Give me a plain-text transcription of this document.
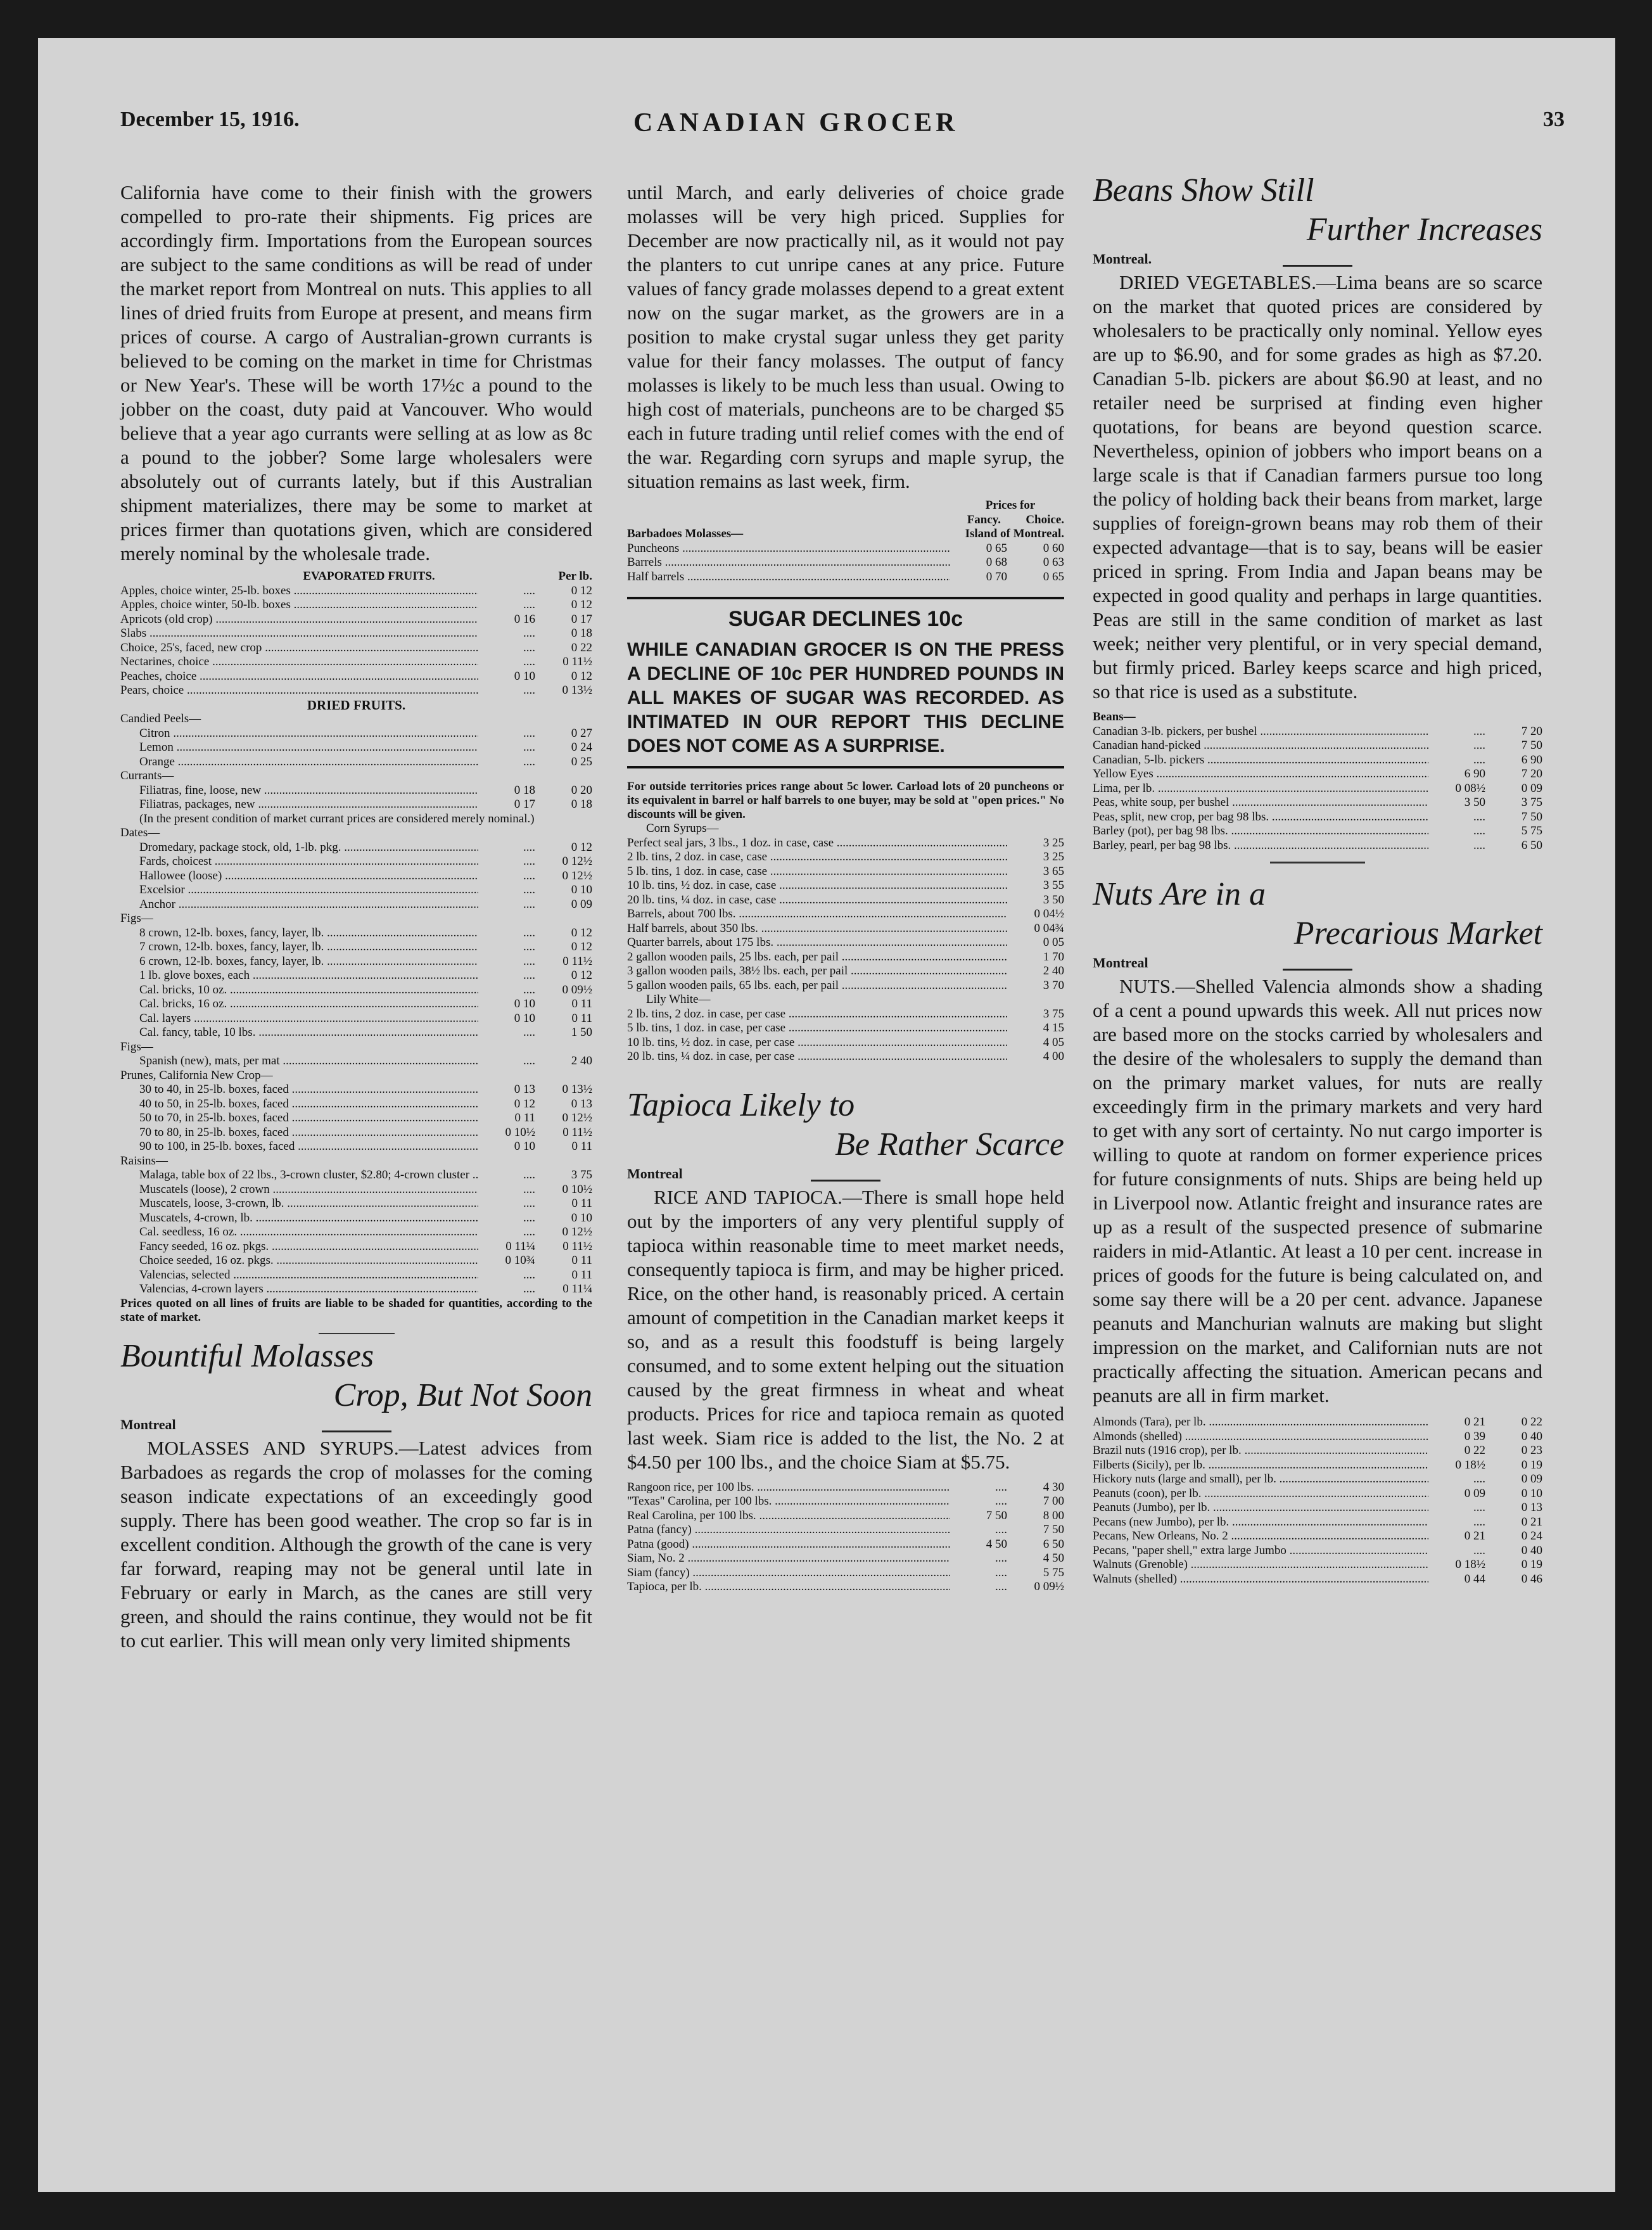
December 15, 1916.	CANADIAN GROCER	33

California have come to their finish with the growers compelled to pro-rate their shipments. Fig prices are accordingly firm. Importations from the European sources are subject to the same conditions as will be read of under the market report from Montreal on nuts. This applies to all lines of dried fruits from Europe at present, and means firm prices of course. A cargo of Australian-grown currants is believed to be coming on the market in time for Christmas or New Year's. These will be worth 17½c a pound to the jobber on the coast, duty paid at Vancouver. Who would believe that a year ago currants were selling at as low as 8c a pound to the jobber? Some large wholesalers were absolutely out of currants lately, but if this Australian shipment materializes, there may be some to market at prices firmer than quotations given, which are considered merely nominal by the wholesale trade.

EVAPORATED FRUITS.	Per lb.
Apples, choice winter, 25-lb. boxes .....	....	0 12
Apples, choice winter, 50-lb. boxes .....	....	0 12
Apricots (old crop) .....	0 16	0 17
Slabs .....	....	0 18
Choice, 25's, faced, new crop .....	....	0 22
Nectarines, choice .....	....	0 11½
Peaches, choice .....	0 10	0 12
Pears, choice .....	....	0 13½
DRIED FRUITS.
Candied Peels—
Citron .....	....	0 27
Lemon .....	....	0 24
Orange .....	....	0 25
Currants—
Filiatras, fine, loose, new .....	0 18	0 20
Filiatras, packages, new .....	0 17	0 18
(In the present condition of market currant prices are considered merely nominal.)
Dates—
Dromedary, package stock, old, 1-lb. pkg. .....	....	0 12
Fards, choicest .....	....	0 12½
Hallowee (loose) .....	....	0 12½
Excelsior .....	....	0 10
Anchor .....	....	0 09
Figs—
8 crown, 12-lb. boxes, fancy, layer, lb. .....	....	0 12
7 crown, 12-lb. boxes, fancy, layer, lb. .....	....	0 12
6 crown, 12-lb. boxes, fancy, layer, lb. .....	....	0 11½
1 lb. glove boxes, each .....	....	0 12
Cal. bricks, 10 oz. .....	....	0 09½
Cal. bricks, 16 oz. .....	0 10	0 11
Cal. layers .....	0 10	0 11
Cal. fancy, table, 10 lbs. .....	....	1 50
Figs—
Spanish (new), mats, per mat .....	....	2 40
Prunes, California New Crop—
30 to 40, in 25-lb. boxes, faced .....	0 13	0 13½
40 to 50, in 25-lb. boxes, faced .....	0 12	0 13
50 to 70, in 25-lb. boxes, faced .....	0 11	0 12½
70 to 80, in 25-lb. boxes, faced .....	0 10½	0 11½
90 to 100, in 25-lb. boxes, faced .....	0 10	0 11
Raisins—
Malaga, table box of 22 lbs., 3-crown cluster, $2.80; 4-crown cluster .....	....	3 75
Muscatels (loose), 2 crown .....	....	0 10½
Muscatels, loose, 3-crown, lb. .....	....	0 11
Muscatels, 4-crown, lb. .....	....	0 10
Cal. seedless, 16 oz. .....	....	0 12½
Fancy seeded, 16 oz. pkgs. .....	0 11¼	0 11½
Choice seeded, 16 oz. pkgs. .....	0 10¾	0 11
Valencias, selected .....	....	0 11
Valencias, 4-crown layers .....	....	0 11¼
Prices quoted on all lines of fruits are liable to be shaded for quantities, according to the state of market.
Bountiful Molasses
Crop, But Not Soon
Montreal

MOLASSES AND SYRUPS.—Latest advices from Barbadoes as regards the crop of molasses for the coming season indicate expectations of an exceedingly good supply. There has been good weather. The crop so far is in excellent condition. Although the growth of the cane is very far forward, reaping may not be general until late in February or early in March, as the canes are still very green, and should the rains continue, they would not be fit to cut earlier. This will mean only very limited shipments

until March, and early deliveries of choice grade molasses will be very high priced. Supplies for December are now practically nil, as it would not pay the planters to cut unripe canes at any price. Future values of fancy grade molasses depend to a great extent now on the sugar market, as the growers are in a position to make crystal sugar unless they get parity value for their fancy molasses. The output of fancy molasses is likely to be much less than usual. Owing to high cost of materials, puncheons are to be charged $5 each in future trading until relief comes with the end of the war. Regarding corn syrups and maple syrup, the situation remains as last week, firm.

Prices for
Fancy.	Choice.
Barbadoes Molasses—	Island of Montreal.
Puncheons .....	0 65	0 60
Barrels .....	0 68	0 63
Half barrels .....	0 70	0 65
SUGAR DECLINES 10c
WHILE CANADIAN GROCER IS ON THE PRESS A DECLINE OF 10c PER HUNDRED POUNDS IN ALL MAKES OF SUGAR WAS RECORDED. AS INTIMATED IN OUR REPORT THIS DECLINE DOES NOT COME AS A SURPRISE.
For outside territories prices range about 5c lower. Carload lots of 20 puncheons or its equivalent in barrel or half barrels to one buyer, may be sold at "open prices." No discounts will be given.
Corn Syrups—
Perfect seal jars, 3 lbs., 1 doz. in case, case .....	3 25
2 lb. tins, 2 doz. in case, case .....	3 25
5 lb. tins, 1 doz. in case, case .....	3 65
10 lb. tins, ½ doz. in case, case .....	3 55
20 lb. tins, ¼ doz. in case, case .....	3 50
Barrels, about 700 lbs. .....	0 04½
Half barrels, about 350 lbs. .....	0 04¾
Quarter barrels, about 175 lbs. .....	0 05
2 gallon wooden pails, 25 lbs. each, per pail .....	1 70
3 gallon wooden pails, 38½ lbs. each, per pail .....	2 40
5 gallon wooden pails, 65 lbs. each, per pail .....	3 70
Lily White—
2 lb. tins, 2 doz. in case, per case .....	3 75
5 lb. tins, 1 doz. in case, per case .....	4 15
10 lb. tins, ½ doz. in case, per case .....	4 05
20 lb. tins, ¼ doz. in case, per case .....	4 00
Tapioca Likely to
Be Rather Scarce
Montreal

RICE AND TAPIOCA.—There is small hope held out by the importers of any very plentiful supply of tapioca within reasonable time to meet market needs, consequently tapioca is firm, and may be higher priced. Rice, on the other hand, is reasonably priced. A certain amount of competition in the Canadian market keeps it so, and as a result this foodstuff is being largely consumed, and to some extent helping out the situation caused by the great firmness in wheat and wheat products. Prices for rice and tapioca remain as quoted last week. Siam rice is added to the list, the No. 2 at $4.50 per 100 lbs., and the choice Siam at $5.75.

Rangoon rice, per 100 lbs. .....	....	4 30
"Texas" Carolina, per 100 lbs. .....	....	7 00
Real Carolina, per 100 lbs. .....	7 50	8 00
Patna (fancy) .....	....	7 50
Patna (good) .....	4 50	6 50
Siam, No. 2 .....	....	4 50
Siam (fancy) .....	....	5 75
Tapioca, per lb. .....	....	0 09½
Beans Show Still
Further Increases
Montreal.

DRIED VEGETABLES.—Lima beans are so scarce on the market that quoted prices are considered by wholesalers to be practically only nominal. Yellow eyes are up to $6.90, and for some grades as high as $7.20. Canadian 5-lb. pickers are about $6.90 at least, and no retailer need be surprised at finding even higher quotations, for beans are beyond question scarce. Nevertheless, opinion of jobbers who import beans on a large scale is that if Canadian farmers pursue too long the policy of holding back their beans from market, large supplies of foreign-grown beans may rob them of their expected advantage—that is to say, beans will be easier priced in spring. From India and Japan beans may be expected in good quality and perhaps in large quantities. Peas are still in the same condition of market as last week; neither very plentiful, or in very special demand, but firmly priced. Barley keeps scarce and high priced, so that rice is used as a substitute.

Beans—
Canadian 3-lb. pickers, per bushel .....	....	7 20
Canadian hand-picked .....	....	7 50
Canadian, 5-lb. pickers .....	....	6 90
Yellow Eyes .....	6 90	7 20
Lima, per lb. .....	0 08½	0 09
Peas, white soup, per bushel .....	3 50	3 75
Peas, split, new crop, per bag 98 lbs. .....	....	7 50
Barley (pot), per bag 98 lbs. .....	....	5 75
Barley, pearl, per bag 98 lbs. .....	....	6 50
Nuts Are in a
Precarious Market
Montreal

NUTS.—Shelled Valencia almonds show a shading of a cent a pound upwards this week. All nut prices now are based more on the stocks carried by wholesalers and the desire of the wholesalers to supply the demand than on the primary market values, for nuts are really exceedingly firm in the primary markets and very hard to get with any sort of certainty. No nut cargo importer is willing to quote at random on former experience prices for future consignments of nuts. Ships are being held up in Liverpool now. Atlantic freight and insurance rates are up as a result of the suspected presence of submarine raiders in mid-Atlantic. At least a 10 per cent. increase in prices of goods for the future is being calculated on, and some say there will be a 20 per cent. advance. Japanese peanuts and Manchurian walnuts are making but slight impression on the market, and Californian nuts are not practically affecting the situation. American pecans and peanuts are all in firm market.

Almonds (Tara), per lb. .....	0 21	0 22
Almonds (shelled) .....	0 39	0 40
Brazil nuts (1916 crop), per lb. .....	0 22	0 23
Filberts (Sicily), per lb. .....	0 18½	0 19
Hickory nuts (large and small), per lb. .....	....	0 09
Peanuts (coon), per lb. .....	0 09	0 10
Peanuts (Jumbo), per lb. .....	....	0 13
Pecans (new Jumbo), per lb. .....	....	0 21
Pecans, New Orleans, No. 2 .....	0 21	0 24
Pecans, "paper shell," extra large Jumbo .....	....	0 40
Walnuts (Grenoble) .....	0 18½	0 19
Walnuts (shelled) .....	0 44	0 46
